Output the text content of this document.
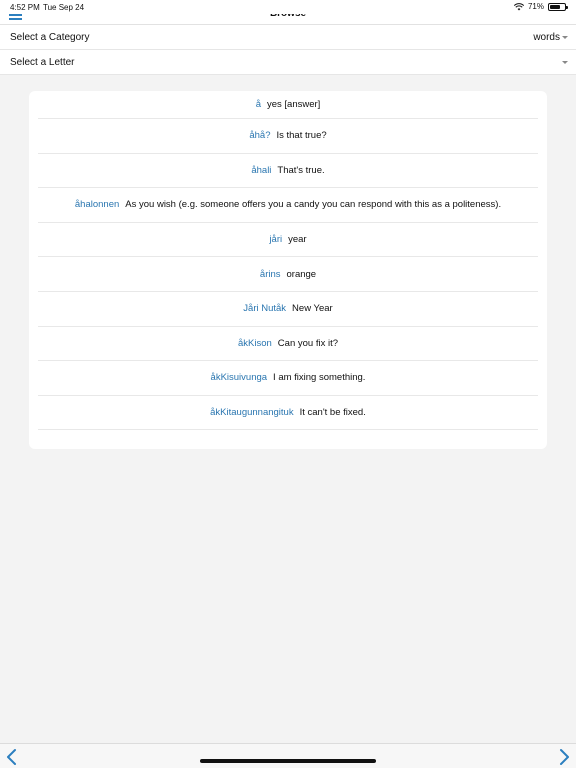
4:52 PM Tue Sep 24	71%
Select a Category	words
Select a Letter
å yes [answer]
åhå? Is that true?
åhali That's true.
åhalonnen As you wish (e.g. someone offers you a candy you can respond with this as a politeness).
jåri year
årins orange
Jåri Nutåk New Year
åkKison Can you fix it?
åkKisuivunga I am fixing something.
åkKitaugunnangituk It can't be fixed.
